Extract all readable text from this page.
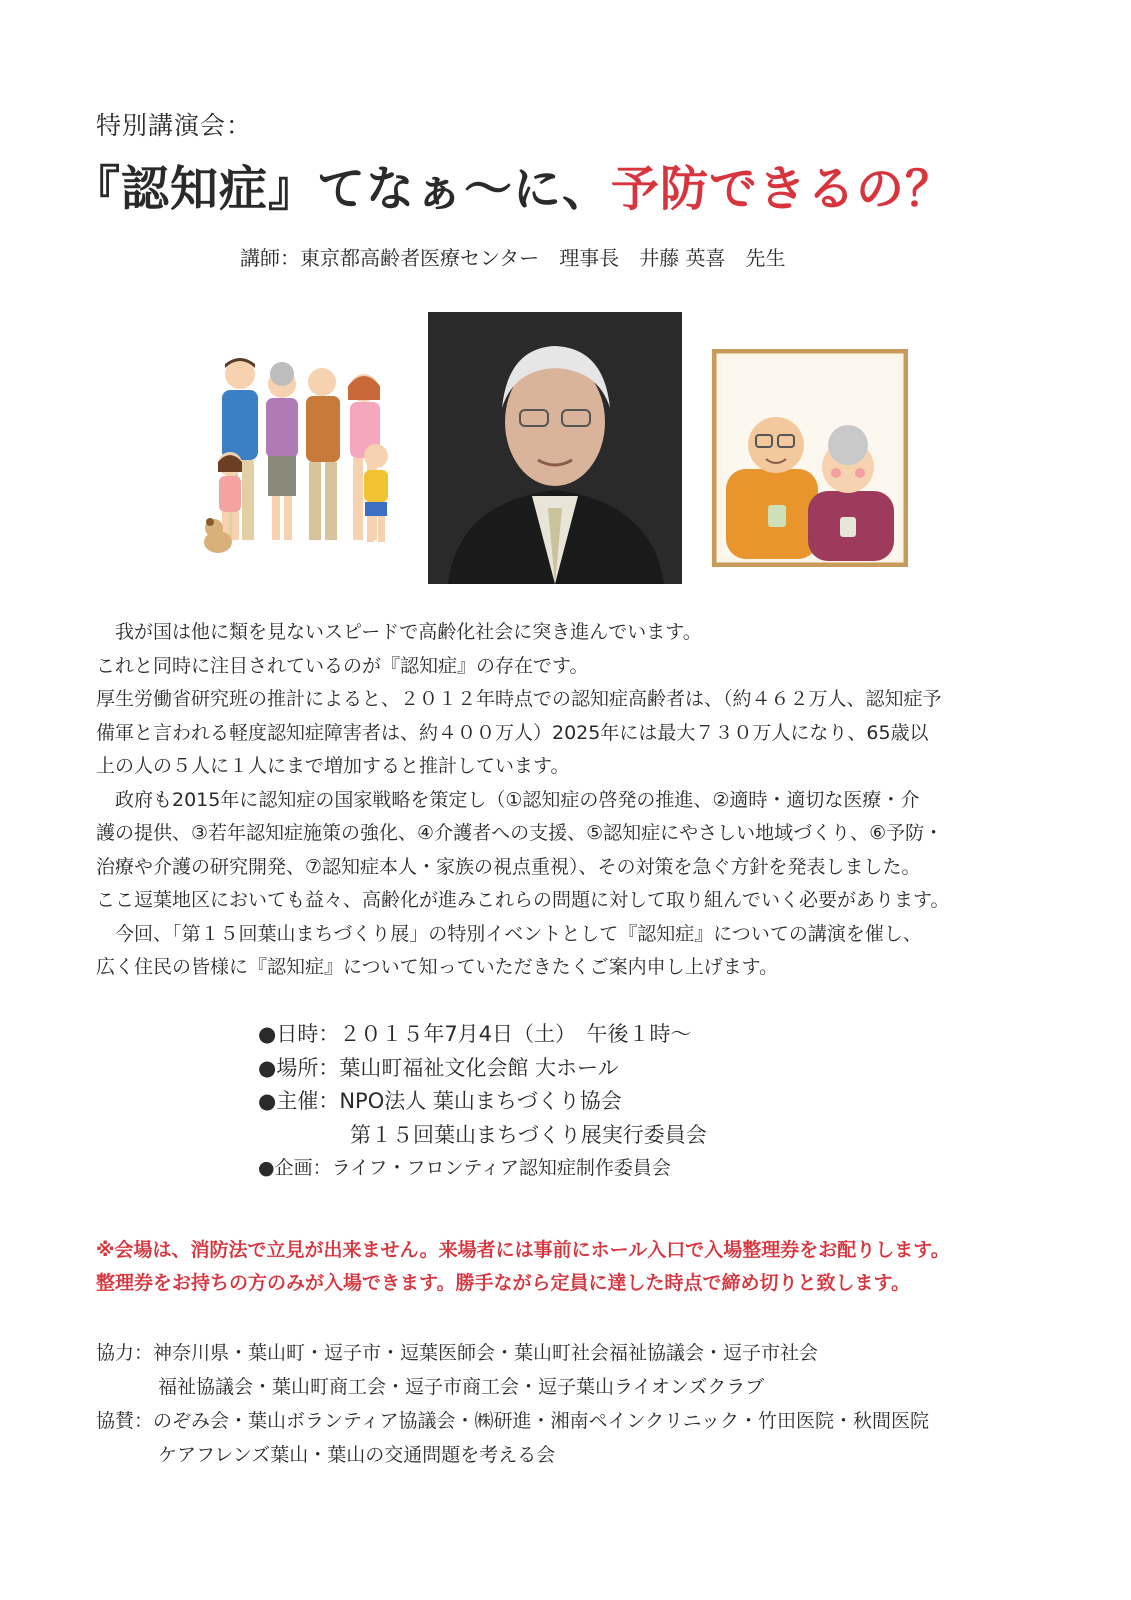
特別講演会：
『認知症』てなぁ～に、予防できるの？
講師：東京都高齢者医療センター　理事長　井藤 英喜　先生

　我が国は他に類を見ないスピードで高齢化社会に突き進んでいます。

これと同時に注目されているのが『認知症』の存在です。

厚生労働省研究班の推計によると、２０１２年時点での認知症高齢者は、（約４６２万人、認知症予

備軍と言われる軽度認知症障害者は、約４００万人）2025年には最大７３０万人になり、65歳以

上の人の５人に１人にまで増加すると推計しています。

　政府も2015年に認知症の国家戦略を策定し（①認知症の啓発の推進、②適時・適切な医療・介

護の提供、③若年認知症施策の強化、④介護者への支援、⑤認知症にやさしい地域づくり、⑥予防・

治療や介護の研究開発、⑦認知症本人・家族の視点重視）、その対策を急ぐ方針を発表しました。

ここ逗葉地区においても益々、高齢化が進みこれらの問題に対して取り組んでいく必要があります。

　今回、「第１５回葉山まちづくり展」の特別イベントとして『認知症』についての講演を催し、

広く住民の皆様に『認知症』について知っていただきたくご案内申し上げます。

●日時：２０１５年7月4日（土）　午後１時～
●場所：葉山町福祉文化会館 大ホール
●主催：NPO法人 葉山まちづくり協会
第１５回葉山まちづくり展実行委員会
●企画：ライフ・フロンティア認知症制作委員会

※会場は、消防法で立見が出来ません。来場者には事前にホール入口で入場整理券をお配りします。

整理券をお持ちの方のみが入場できます。勝手ながら定員に達した時点で締め切りと致します。

協力：神奈川県・葉山町・逗子市・逗葉医師会・葉山町社会福祉協議会・逗子市社会

福祉協議会・葉山町商工会・逗子市商工会・逗子葉山ライオンズクラブ

協賛：のぞみ会・葉山ボランティア協議会・㈱研進・湘南ペインクリニック・竹田医院・秋間医院

ケアフレンズ葉山・葉山の交通問題を考える会
